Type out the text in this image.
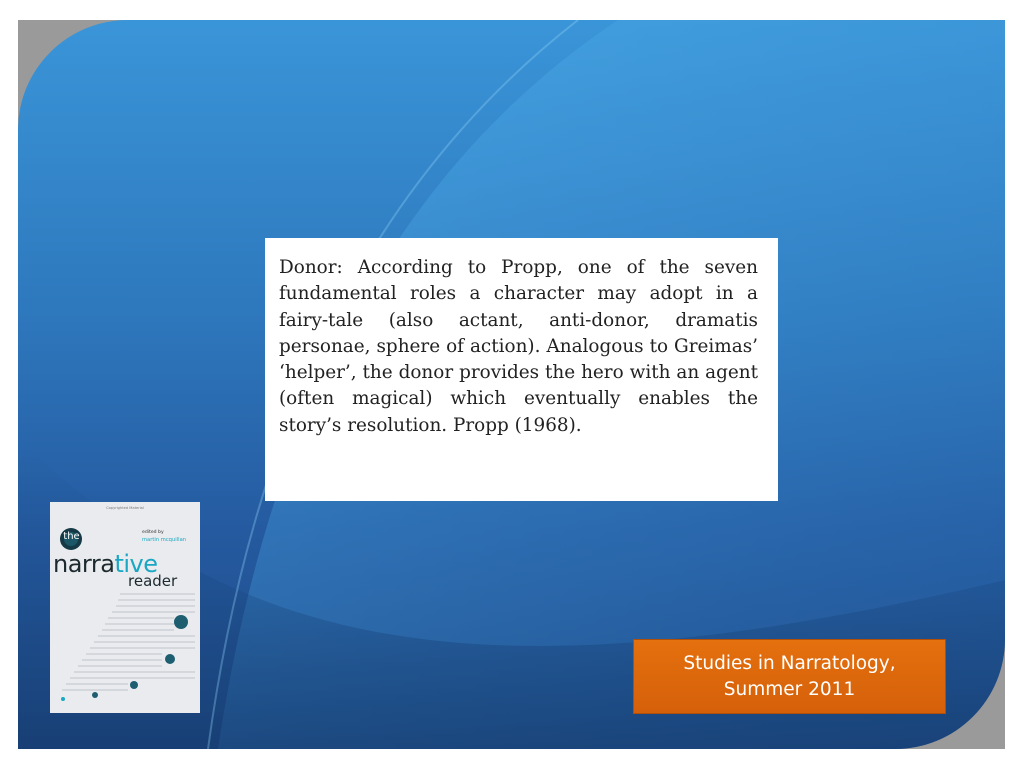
Donor: According to Propp, one of the seven fundamental roles a character may adopt in a fairy-tale (also actant, anti-donor, dramatis personae, sphere of action). Analogous to Greimas’ ‘helper’, the donor provides the hero with an agent (often magical) which eventually enables the story’s resolution. Propp (1968).

Copyrighted Material
the	edited by
martin mcquillan
narrative
reader
Studies in Narratology,
Summer 2011
